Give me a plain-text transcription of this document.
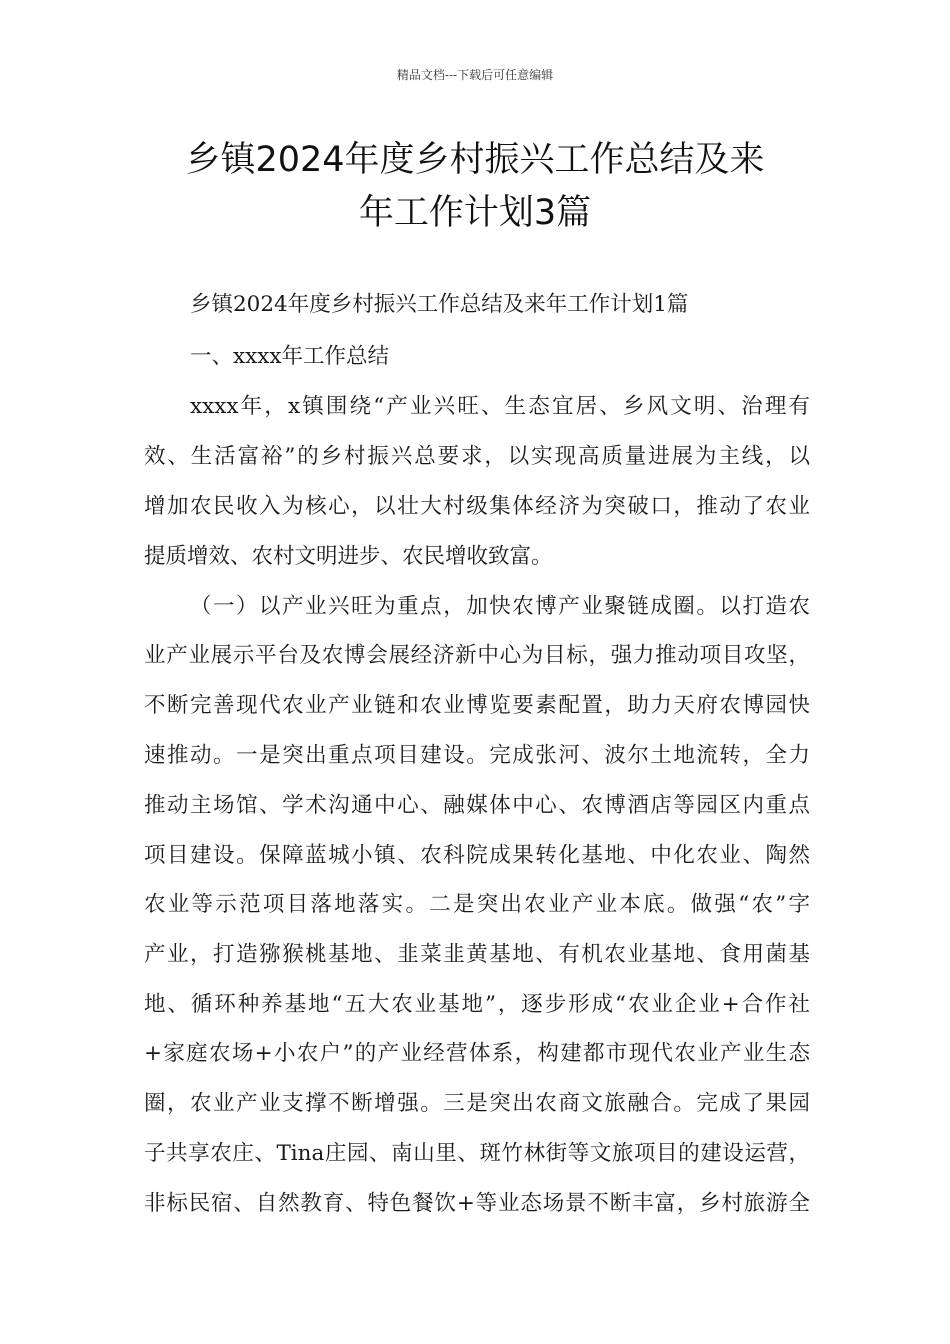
精品文档---下载后可任意编辑
乡镇2024年度乡村振兴工作总结及来
年工作计划3篇
乡镇2024年度乡村振兴工作总结及来年工作计划1篇
一、xxxx年工作总结
xxxx年，x镇围绕“产业兴旺、生态宜居、乡风文明、治理有
效、生活富裕”的乡村振兴总要求，以实现高质量进展为主线，以
增加农民收入为核心，以壮大村级集体经济为突破口，推动了农业
提质增效、农村文明进步、农民增收致富。
（一）以产业兴旺为重点，加快农博产业聚链成圈。以打造农
业产业展示平台及农博会展经济新中心为目标，强力推动项目攻坚，
不断完善现代农业产业链和农业博览要素配置，助力天府农博园快
速推动。一是突出重点项目建设。完成张河、波尔土地流转，全力
推动主场馆、学术沟通中心、融媒体中心、农博酒店等园区内重点
项目建设。保障蓝城小镇、农科院成果转化基地、中化农业、陶然
农业等示范项目落地落实。二是突出农业产业本底。做强“农”字
产业，打造猕猴桃基地、韭菜韭黄基地、有机农业基地、食用菌基
地、循环种养基地“五大农业基地”，逐步形成“农业企业+合作社
+家庭农场+小农户”的产业经营体系，构建都市现代农业产业生态
圈，农业产业支撑不断增强。三是突出农商文旅融合。完成了果园
子共享农庄、Tina庄园、南山里、斑竹林街等文旅项目的建设运营，
非标民宿、自然教育、特色餐饮+等业态场景不断丰富，乡村旅游全
